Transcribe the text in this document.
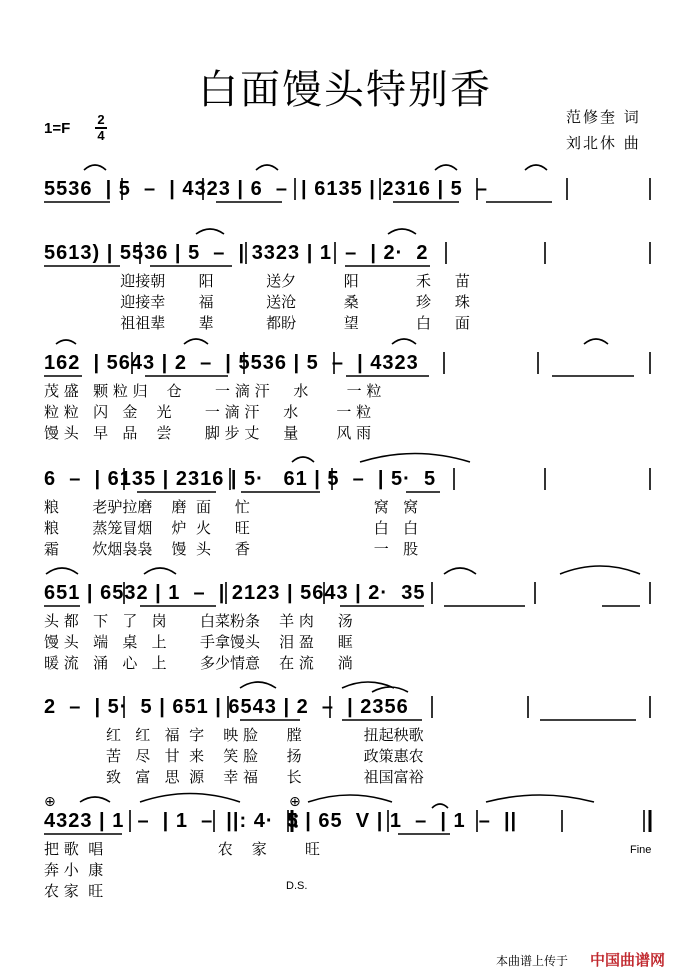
白面馒头特别香
范修奎 词
刘北休 曲
1=F
2
4
5536  | 5  –  | 4323 | 6  –  | 6135 | 2316 | 5  –
5613) | 5536 | 5  –  | 3323 | 1  –  | 2·  2
迎接朝       阳           送夕          阳            禾     苗
迎接幸       福           送沧          桑            珍     珠
祖祖辈       辈           都盼          望            白     面
162  | 5643 | 2  –  | 5536 | 5  –  | 4323
茂 盛   颗 粒 归    仓       一 滴 汗     水        一 粒
粒 粒   闪   金    光       一 滴 汗     水        一 粒
馒 头   早   品    尝       脚 步 丈     量        风 雨
6  –  | 6135 | 2316 | 5·   61 | 5  –  | 5·  5
粮       老驴拉磨    磨  面     忙                          窝   窝
粮       蒸笼冒烟    炉  火     旺                          白   白
霜       炊烟袅袅    馒  头     香                          一   股
651 | 6532 | 1  –  | 2123 | 5643 | 2·  35
头 都   下   了   岗       白菜粉条    羊 肉     汤
馒 头   端   桌   上       手拿馒头    泪 盈     眶
暖 流   涌   心   上       多少情意    在 流     淌
2  –  | 5·  5 | 651 | 6543 | 2  –  | 2356
红   红   福  字    映 脸      膛             扭起秧歌
苦   尽   甘  来    笑 脸      扬             政策惠农
致   富   思  源    幸 福      长             祖国富裕
⊕	⊕
4323 | 1  –  | 1  –  ||: 4·  5 | 65  V | 1  –  | 1  –  ||
把 歌  唱                        农    家        旺
奔 小  康
农 家  旺
Fine
D.S.
本曲谱上传于 中国曲谱网
